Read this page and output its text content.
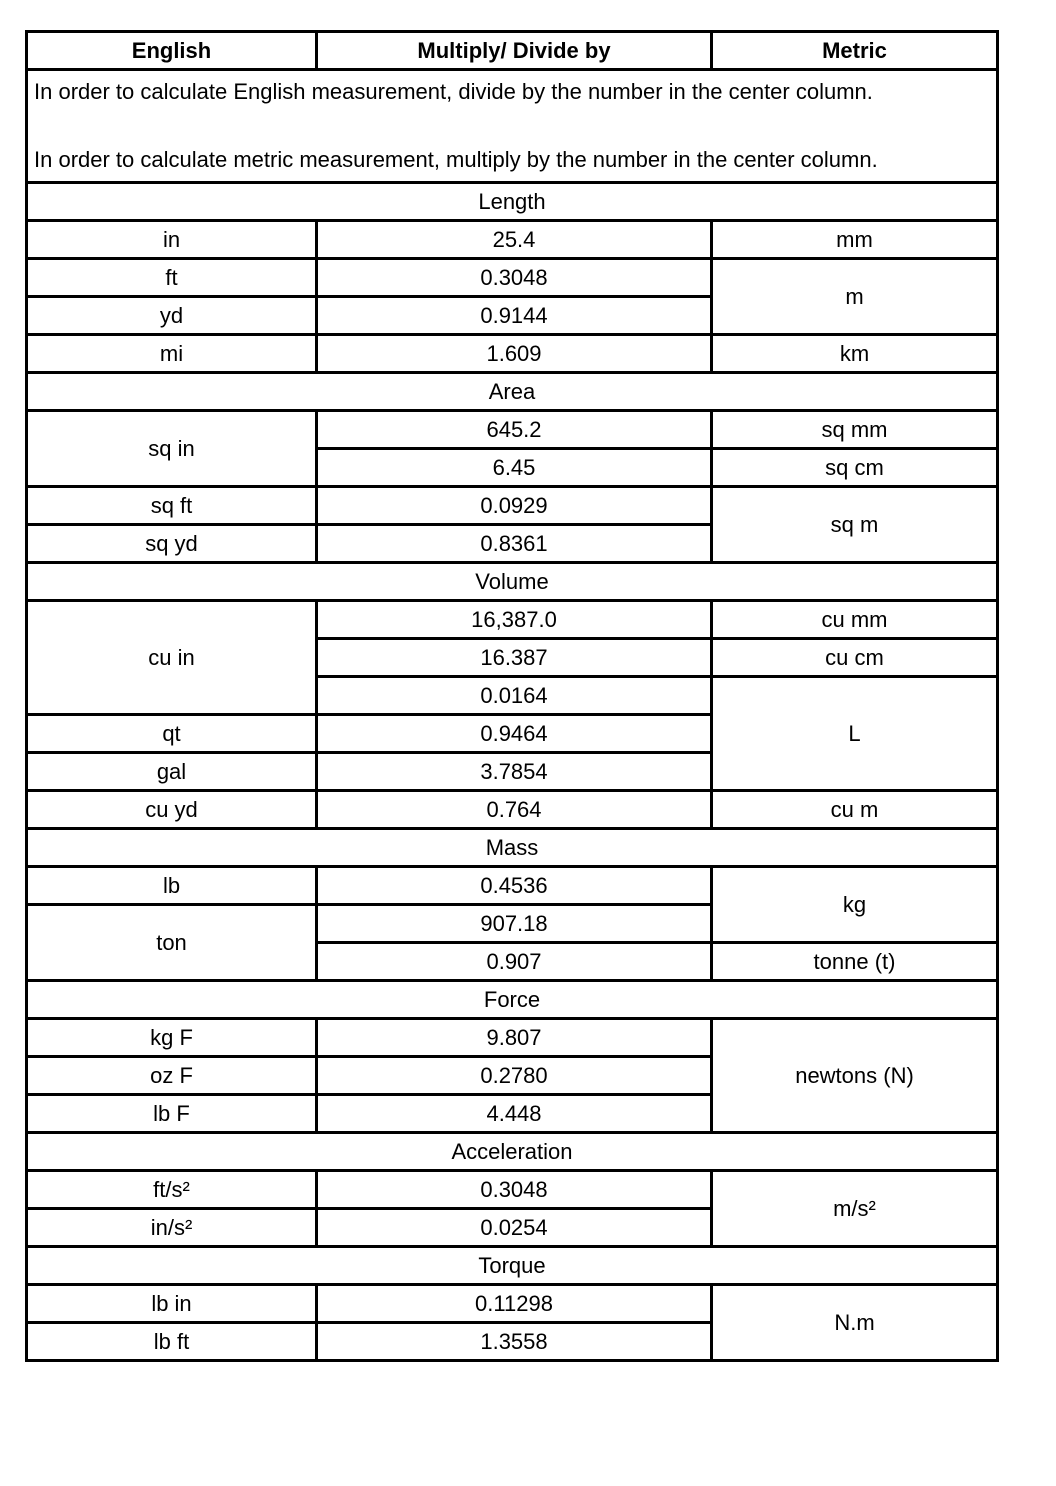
English	Multiply/ Divide by	Metric
In order to calculate English measurement, divide by the number in the center column.
In order to calculate metric measurement, multiply by the number in the center column.		
Length		
in	25.4	mm
ft	0.3048	m
yd	0.9144	
mi	1.609	km
Area		
sq in	645.2	sq mm
	6.45	sq cm
sq ft	0.0929	sq m
sq yd	0.8361	
Volume		
cu in	16,387.0	cu mm
	16.387	cu cm
	0.0164	L
qt	0.9464	
gal	3.7854	
cu yd	0.764	cu m
Mass		
lb	0.4536	kg
ton	907.18	
	0.907	tonne (t)
Force		
kg F	9.807	newtons (N)
oz F	0.2780	
lb F	4.448	
Acceleration		
ft/s²	0.3048	m/s²
in/s²	0.0254	
Torque		
lb in	0.11298	N.m
lb ft	1.3558	
